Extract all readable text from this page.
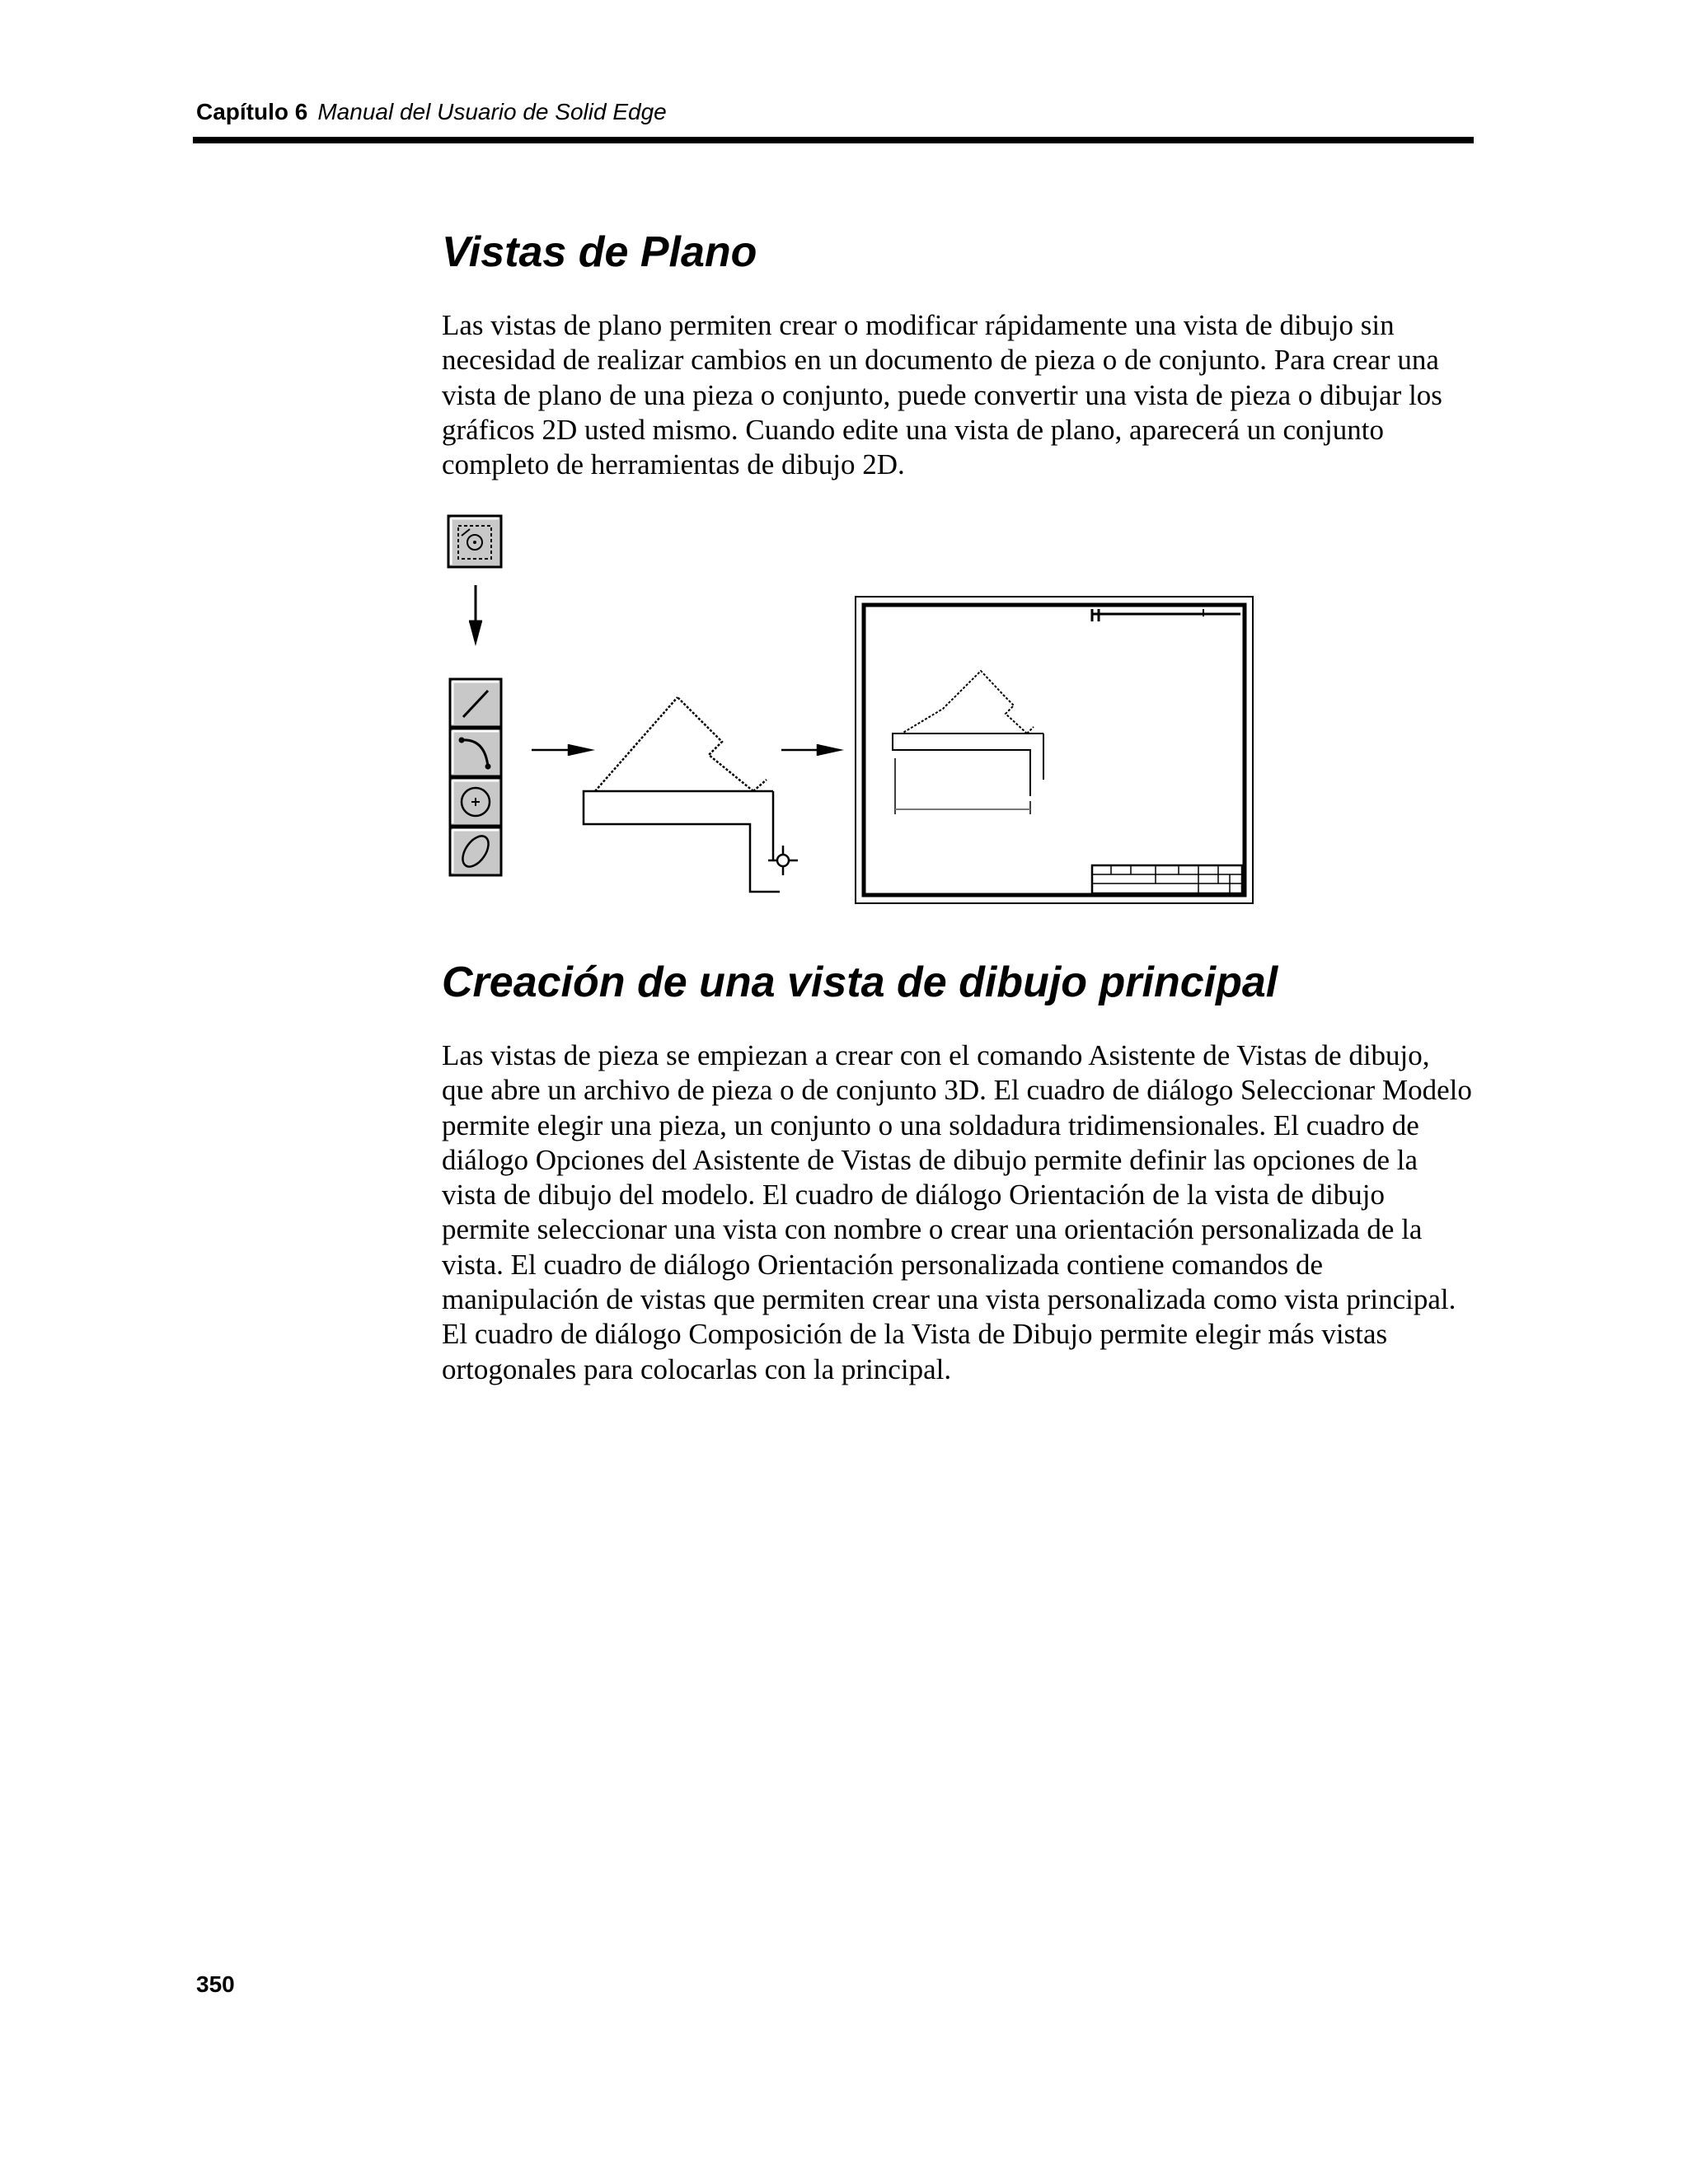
Capítulo 6 Manual del Usuario de Solid Edge
Vistas de Plano

Las vistas de plano permiten crear o modificar rápidamente una vista de dibujo sin necesidad de realizar cambios en un documento de pieza o de conjunto. Para crear una vista de plano de una pieza o conjunto, puede convertir una vista de pieza o dibujar los gráficos 2D usted mismo. Cuando edite una vista de plano, aparecerá un conjunto completo de herramientas de dibujo 2D.

Creación de una vista de dibujo principal

Las vistas de pieza se empiezan a crear con el comando Asistente de Vistas de dibujo, que abre un archivo de pieza o de conjunto 3D. El cuadro de diálogo Seleccionar Modelo permite elegir una pieza, un conjunto o una soldadura tridimensionales. El cuadro de diálogo Opciones del Asistente de Vistas de dibujo permite definir las opciones de la vista de dibujo del modelo. El cuadro de diálogo Orientación de la vista de dibujo permite seleccionar una vista con nombre o crear una orientación personalizada de la vista. El cuadro de diálogo Orientación personalizada contiene comandos de manipulación de vistas que permiten crear una vista personalizada como vista principal. El cuadro de diálogo Composición de la Vista de Dibujo permite elegir más vistas ortogonales para colocarlas con la principal.

350
